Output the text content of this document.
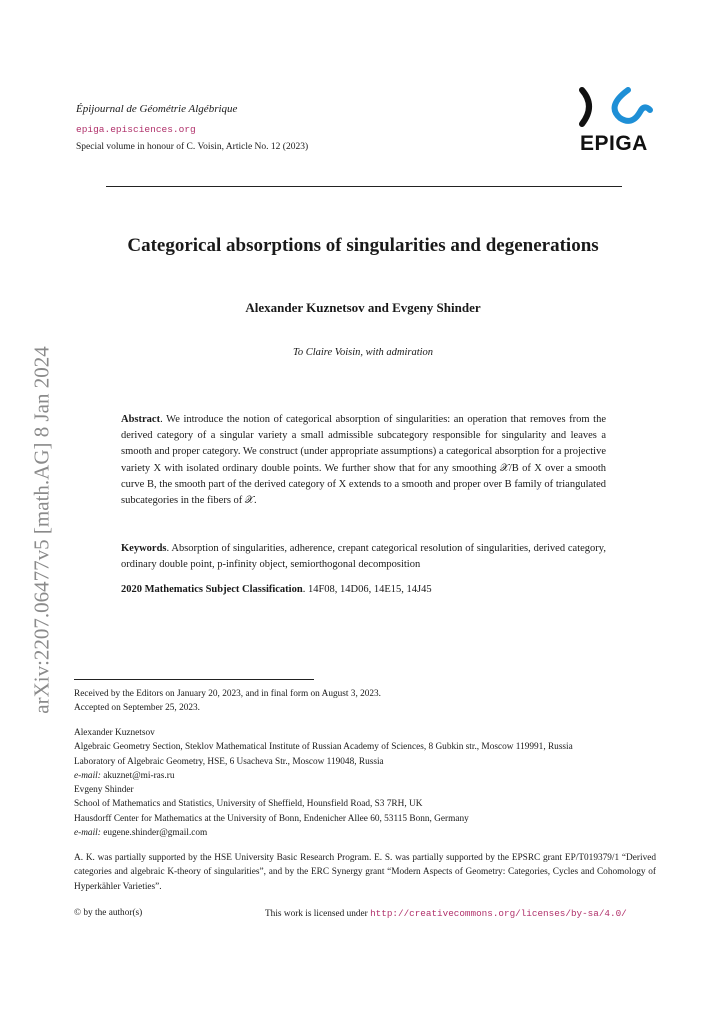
Épijournal de Géométrie Algébrique
epiga.episciences.org
Special volume in honour of C. Voisin, Article No. 12 (2023)	EPIGA
arXiv:2207.06477v5 [math.AG] 8 Jan 2024
Categorical absorptions of singularities and degenerations
Alexander Kuznetsov and Evgeny Shinder
To Claire Voisin, with admiration
Abstract. We introduce the notion of categorical absorption of singularities: an operation that removes from the derived category of a singular variety a small admissible subcategory responsible for singularity and leaves a smooth and proper category. We construct (under appropriate assumptions) a categorical absorption for a projective variety X with isolated ordinary double points. We further show that for any smoothing 𝒳/B of X over a smooth curve B, the smooth part of the derived category of X extends to a smooth and proper over B family of triangulated subcategories in the fibers of 𝒳.
Keywords. Absorption of singularities, adherence, crepant categorical resolution of singularities, derived category, ordinary double point, p-infinity object, semiorthogonal decomposition
2020 Mathematics Subject Classification. 14F08, 14D06, 14E15, 14J45
Received by the Editors on January 20, 2023, and in final form on August 3, 2023.
Accepted on September 25, 2023.
Alexander Kuznetsov
Algebraic Geometry Section, Steklov Mathematical Institute of Russian Academy of Sciences, 8 Gubkin str., Moscow 119991, Russia
Laboratory of Algebraic Geometry, HSE, 6 Usacheva Str., Moscow 119048, Russia
e-mail: akuznet@mi-ras.ru
Evgeny Shinder
School of Mathematics and Statistics, University of Sheffield, Hounsfield Road, S3 7RH, UK
Hausdorff Center for Mathematics at the University of Bonn, Endenicher Allee 60, 53115 Bonn, Germany
e-mail: eugene.shinder@gmail.com
A. K. was partially supported by the HSE University Basic Research Program. E. S. was partially supported by the EPSRC grant EP/T019379/1 “Derived categories and algebraic K-theory of singularities”, and by the ERC Synergy grant “Modern Aspects of Geometry: Categories, Cycles and Cohomology of Hyperkähler Varieties”.
© by the author(s)	This work is licensed under http://creativecommons.org/licenses/by-sa/4.0/
